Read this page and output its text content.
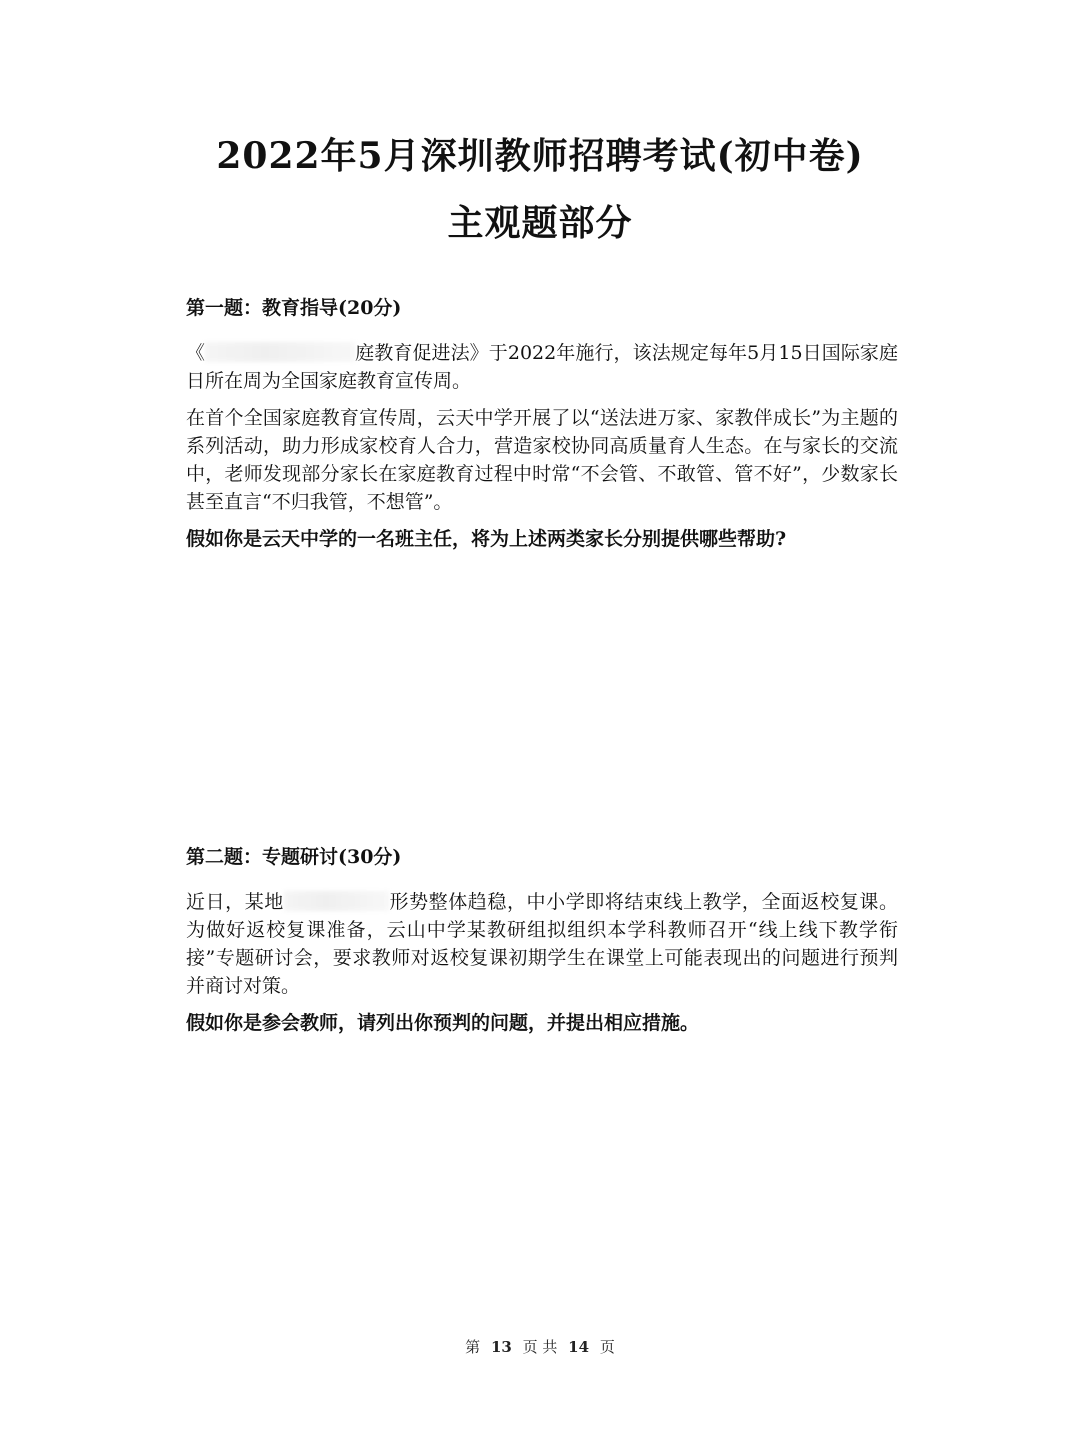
2022年5月深圳教师招聘考试(初中卷)
主观题部分

第一题：教育指导(20分)

《	庭教育促进法》于2022年施行，该法规定每年5月15日国际家庭日所在周为全国家庭教育宣传周。

在首个全国家庭教育宣传周，云天中学开展了以“送法进万家、家教伴成长”为主题的系列活动，助力形成家校育人合力，营造家校协同高质量育人生态。在与家长的交流中，老师发现部分家长在家庭教育过程中时常“不会管、不敢管、管不好”，少数家长甚至直言“不归我管，不想管”。

假如你是云天中学的一名班主任，将为上述两类家长分别提供哪些帮助?

第二题：专题研讨(30分)

近日，某地	形势整体趋稳，中小学即将结束线上教学，全面返校复课。为做好返校复课准备，云山中学某教研组拟组织本学科教师召开“线上线下教学衔接”专题研讨会，要求教师对返校复课初期学生在课堂上可能表现出的问题进行预判并商讨对策。

假如你是参会教师，请列出你预判的问题，并提出相应措施。

第 13 页 共 14 页
